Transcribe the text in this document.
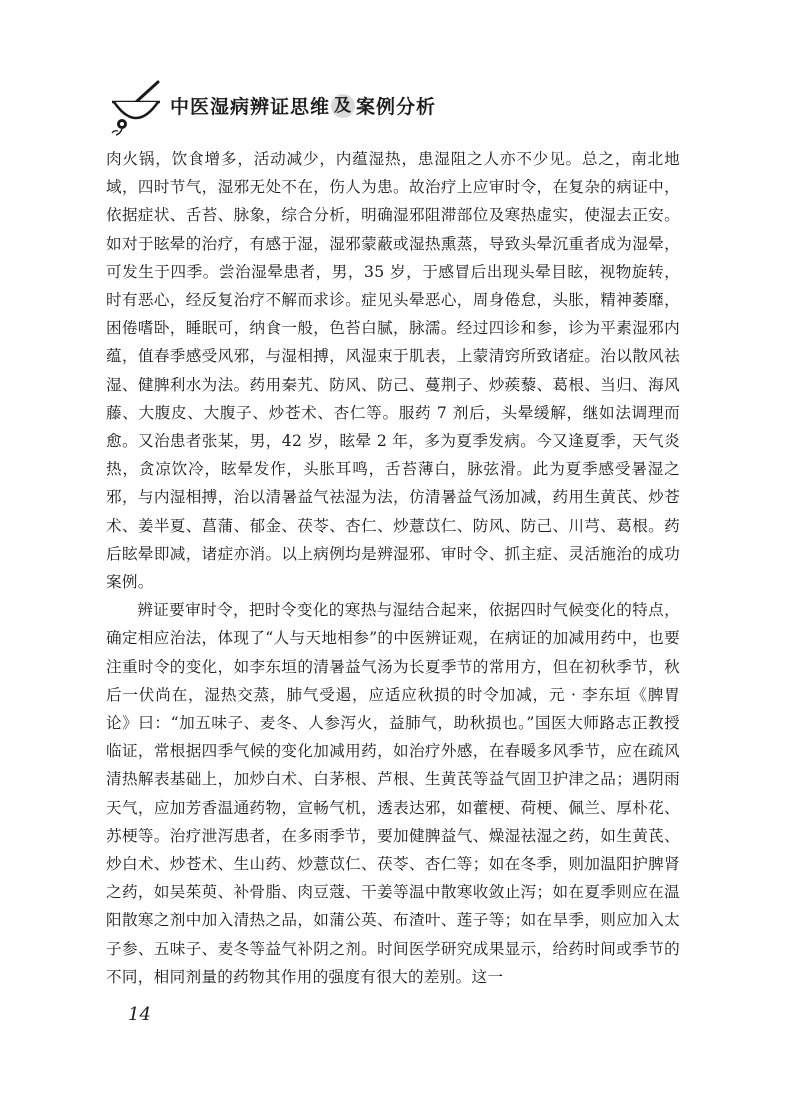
中医湿病辨证思维 及 案例分析

肉火锅，饮食增多，活动减少，内蕴湿热，患湿阻之人亦不少见。总之，南北地域，四时节气，湿邪无处不在，伤人为患。故治疗上应审时令，在复杂的病证中，依据症状、舌苔、脉象，综合分析，明确湿邪阻滞部位及寒热虚实，使湿去正安。如对于眩晕的治疗，有感于湿，湿邪蒙蔽或湿热熏蒸，导致头晕沉重者成为湿晕，可发生于四季。尝治湿晕患者，男，35 岁，于感冒后出现头晕目眩，视物旋转，时有恶心，经反复治疗不解而求诊。症见头晕恶心，周身倦怠，头胀，精神萎靡，困倦嗜卧，睡眠可，纳食一般，色苔白腻，脉濡。经过四诊和参，诊为平素湿邪内蕴，值春季感受风邪，与湿相搏，风湿束于肌表，上蒙清窍所致诸症。治以散风祛湿、健脾利水为法。药用秦艽、防风、防己、蔓荆子、炒蒺藜、葛根、当归、海风藤、大腹皮、大腹子、炒苍术、杏仁等。服药 7 剂后，头晕缓解，继如法调理而愈。又治患者张某，男，42 岁，眩晕 2 年，多为夏季发病。今又逢夏季，天气炎热，贪凉饮冷，眩晕发作，头胀耳鸣，舌苔薄白，脉弦滑。此为夏季感受暑湿之邪，与内湿相搏，治以清暑益气祛湿为法，仿清暑益气汤加减，药用生黄芪、炒苍术、姜半夏、菖蒲、郁金、茯苓、杏仁、炒薏苡仁、防风、防己、川芎、葛根。药后眩晕即减，诸症亦消。以上病例均是辨湿邪、审时令、抓主症、灵活施治的成功案例。

辨证要审时令，把时令变化的寒热与湿结合起来，依据四时气候变化的特点，确定相应治法，体现了“人与天地相参”的中医辨证观，在病证的加减用药中，也要注重时令的变化，如李东垣的清暑益气汤为长夏季节的常用方，但在初秋季节，秋后一伏尚在，湿热交蒸，肺气受遏，应适应秋损的时令加减，元 · 李东垣《脾胃论》曰：“加五味子、麦冬、人参泻火，益肺气，助秋损也。”国医大师路志正教授临证，常根据四季气候的变化加减用药，如治疗外感，在春暖多风季节，应在疏风清热解表基础上，加炒白术、白茅根、芦根、生黄芪等益气固卫护津之品；遇阴雨天气，应加芳香温通药物，宣畅气机，透表达邪，如藿梗、荷梗、佩兰、厚朴花、苏梗等。治疗泄泻患者，在多雨季节，要加健脾益气、燥湿祛湿之药，如生黄芪、炒白术、炒苍术、生山药、炒薏苡仁、茯苓、杏仁等；如在冬季，则加温阳护脾肾之药，如吴茱萸、补骨脂、肉豆蔻、干姜等温中散寒收敛止泻；如在夏季则应在温阳散寒之剂中加入清热之品，如蒲公英、布渣叶、莲子等；如在旱季，则应加入太子参、五味子、麦冬等益气补阴之剂。时间医学研究成果显示，给药时间或季节的不同，相同剂量的药物其作用的强度有很大的差别。这一

14
